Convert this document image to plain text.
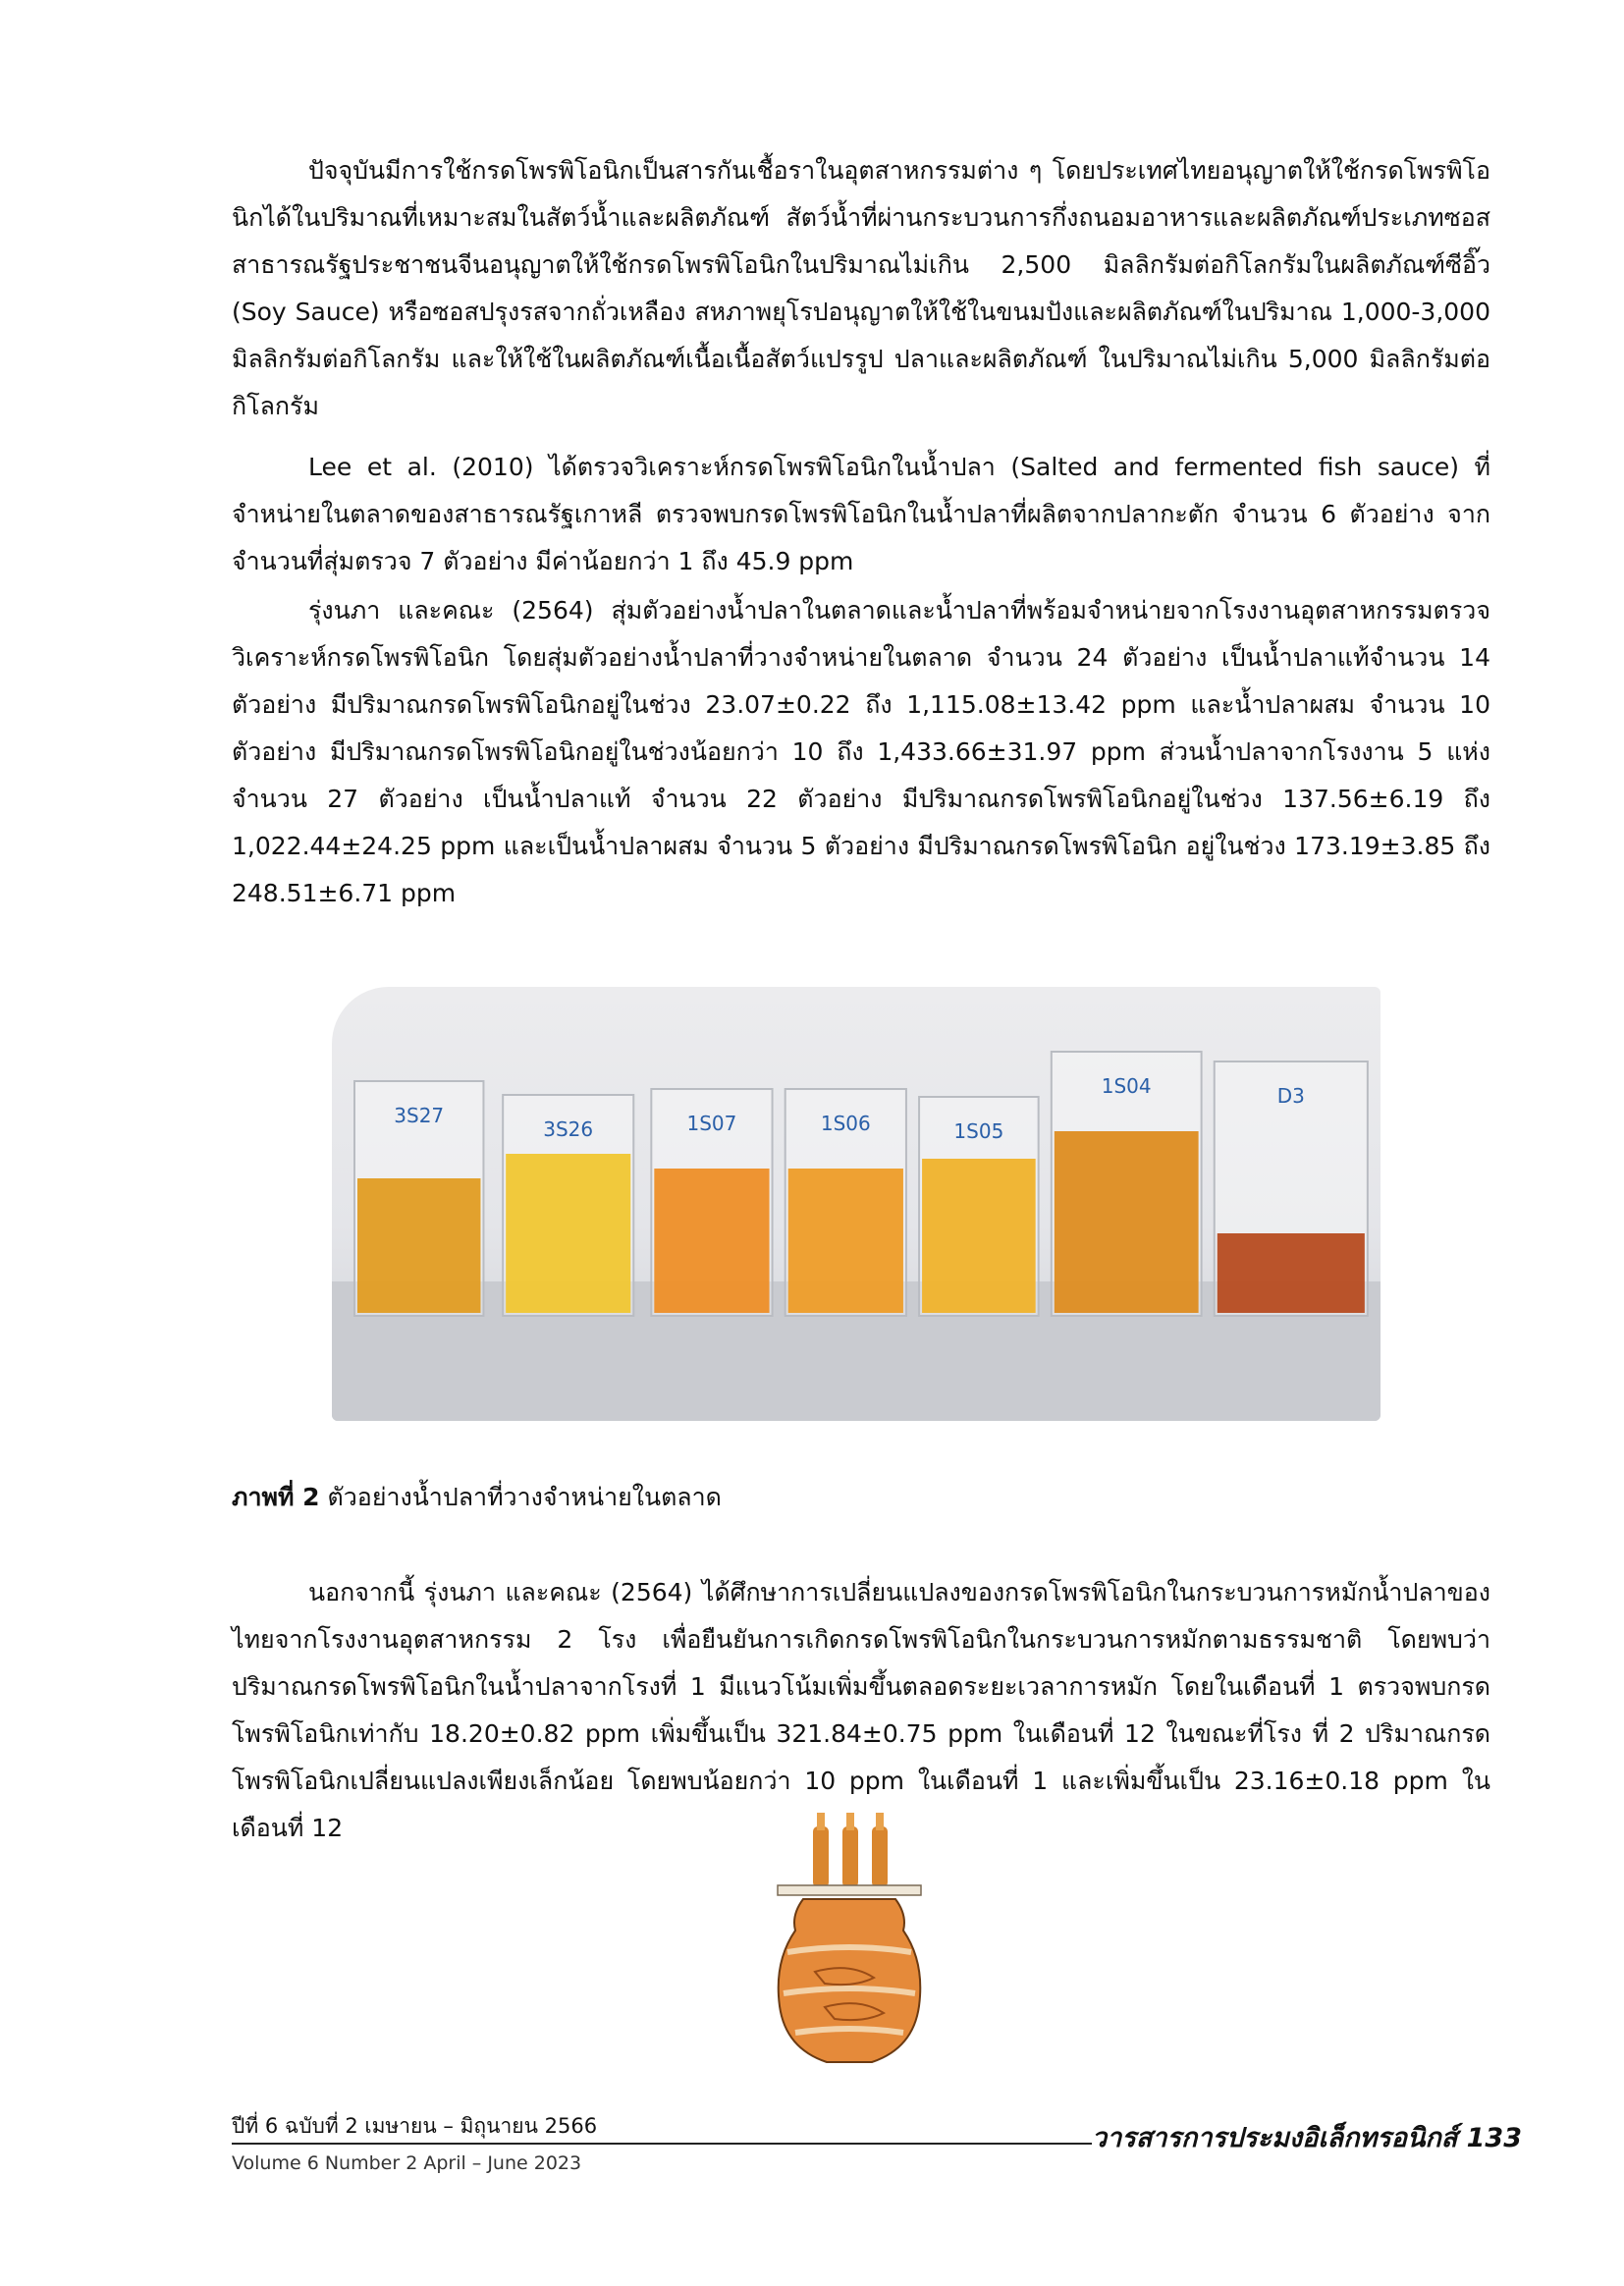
ปัจจุบันมีการใช้กรดโพรพิโอนิกเป็นสารกันเชื้อราในอุตสาหกรรมต่าง ๆ โดยประเทศไทยอนุญาตให้ใช้กรดโพรพิโอนิกได้ในปริมาณที่เหมาะสมในสัตว์น้ำและผลิตภัณฑ์ สัตว์น้ำที่ผ่านกระบวนการกึ่งถนอมอาหารและผลิตภัณฑ์ประเภทซอส สาธารณรัฐประชาชนจีนอนุญาตให้ใช้กรดโพรพิโอนิกในปริมาณไม่เกิน 2,500 มิลลิกรัมต่อกิโลกรัมในผลิตภัณฑ์ซีอิ๊ว (Soy Sauce) หรือซอสปรุงรสจากถั่วเหลือง สหภาพยุโรปอนุญาตให้ใช้ในขนมปังและผลิตภัณฑ์ในปริมาณ 1,000-3,000 มิลลิกรัมต่อกิโลกรัม และให้ใช้ในผลิตภัณฑ์เนื้อเนื้อสัตว์แปรรูป ปลาและผลิตภัณฑ์ ในปริมาณไม่เกิน 5,000 มิลลิกรัมต่อกิโลกรัม

Lee et al. (2010) ได้ตรวจวิเคราะห์กรดโพรพิโอนิกในน้ำปลา (Salted and fermented fish sauce) ที่จำหน่ายในตลาดของสาธารณรัฐเกาหลี ตรวจพบกรดโพรพิโอนิกในน้ำปลาที่ผลิตจากปลากะตัก จำนวน 6 ตัวอย่าง จากจำนวนที่สุ่มตรวจ 7 ตัวอย่าง มีค่าน้อยกว่า 1 ถึง 45.9 ppm

รุ่งนภา และคณะ (2564) สุ่มตัวอย่างน้ำปลาในตลาดและน้ำปลาที่พร้อมจำหน่ายจากโรงงานอุตสาหกรรมตรวจวิเคราะห์กรดโพรพิโอนิก โดยสุ่มตัวอย่างน้ำปลาที่วางจำหน่ายในตลาด จำนวน 24 ตัวอย่าง เป็นน้ำปลาแท้จำนวน 14 ตัวอย่าง มีปริมาณกรดโพรพิโอนิกอยู่ในช่วง 23.07±0.22 ถึง 1,115.08±13.42 ppm และน้ำปลาผสม จำนวน 10 ตัวอย่าง มีปริมาณกรดโพรพิโอนิกอยู่ในช่วงน้อยกว่า 10 ถึง 1,433.66±31.97 ppm ส่วนน้ำปลาจากโรงงาน 5 แห่ง จำนวน 27 ตัวอย่าง เป็นน้ำปลาแท้ จำนวน 22 ตัวอย่าง มีปริมาณกรดโพรพิโอนิกอยู่ในช่วง 137.56±6.19 ถึง 1,022.44±24.25 ppm และเป็นน้ำปลาผสม จำนวน 5 ตัวอย่าง มีปริมาณกรดโพรพิโอนิก อยู่ในช่วง 173.19±3.85 ถึง 248.51±6.71 ppm

3S27
3S26	1S07	1S06	1S05
1S04	D3

ภาพที่ 2 ตัวอย่างน้ำปลาที่วางจำหน่ายในตลาด

นอกจากนี้ รุ่งนภา และคณะ (2564) ได้ศึกษาการเปลี่ยนแปลงของกรดโพรพิโอนิกในกระบวนการหมักน้ำปลาของไทยจากโรงงานอุตสาหกรรม 2 โรง เพื่อยืนยันการเกิดกรดโพรพิโอนิกในกระบวนการหมักตามธรรมชาติ โดยพบว่าปริมาณกรดโพรพิโอนิกในน้ำปลาจากโรงที่ 1 มีแนวโน้มเพิ่มขึ้นตลอดระยะเวลาการหมัก โดยในเดือนที่ 1 ตรวจพบกรดโพรพิโอนิกเท่ากับ 18.20±0.82 ppm เพิ่มขึ้นเป็น 321.84±0.75 ppm ในเดือนที่ 12 ในขณะที่โรง ที่ 2 ปริมาณกรดโพรพิโอนิกเปลี่ยนแปลงเพียงเล็กน้อย โดยพบน้อยกว่า 10 ppm ในเดือนที่ 1 และเพิ่มขึ้นเป็น 23.16±0.18 ppm ในเดือนที่ 12

ปีที่ 6 ฉบับที่ 2 เมษายน – มิถุนายน 2566
Volume 6 Number 2 April – June 2023
วารสารการประมงอิเล็กทรอนิกส์ 133
